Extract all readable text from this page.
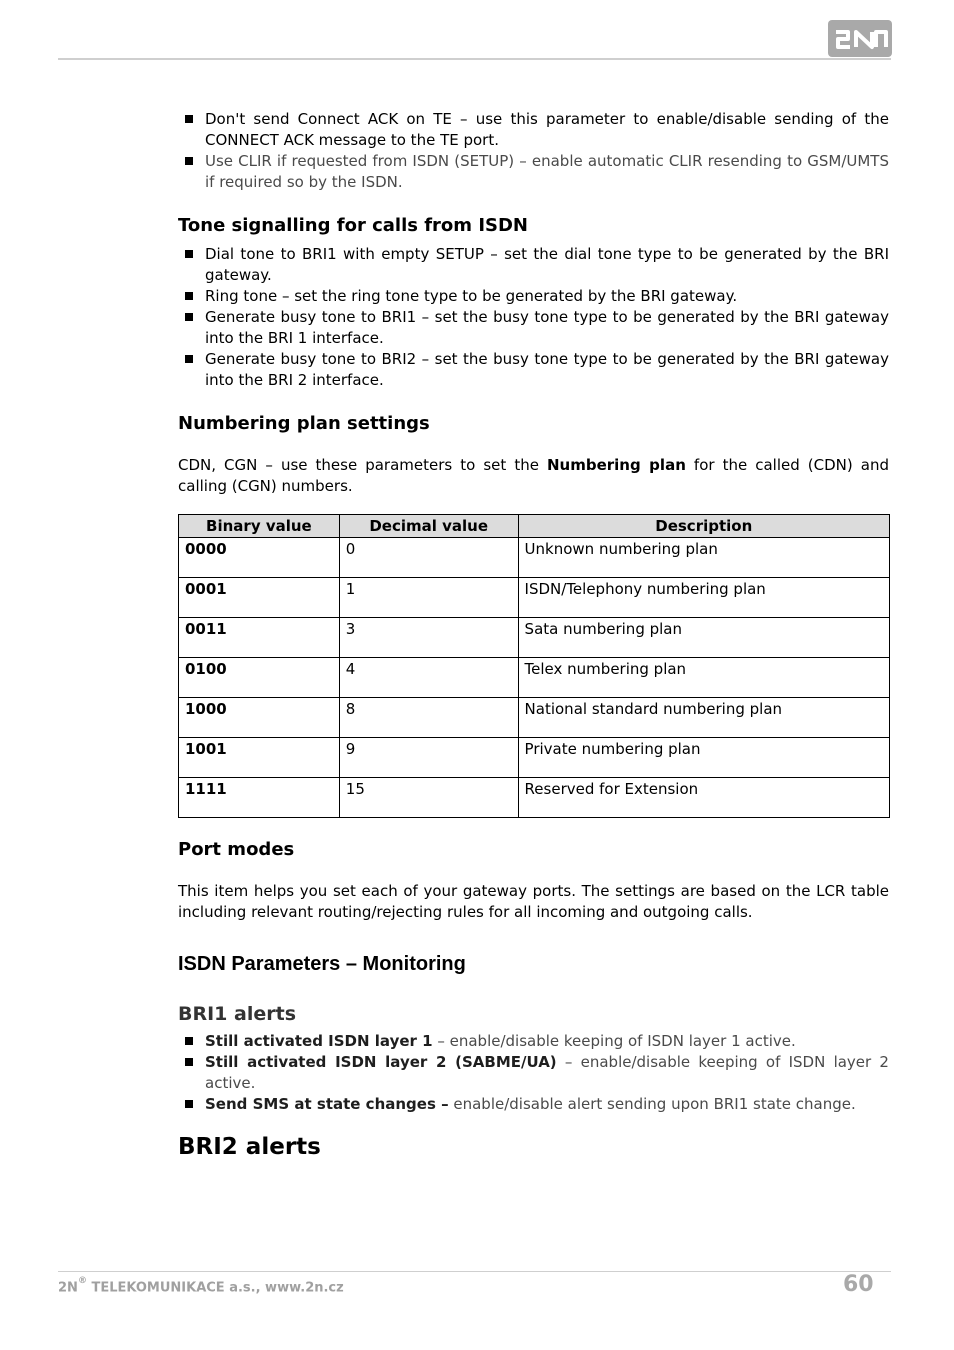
Don't send Connect ACK on TE – use this parameter to enable/disable sending of the CONNECT ACK message to the TE port.
Use CLIR if requested from ISDN (SETUP) – enable automatic CLIR resending to GSM/UMTS if required so by the ISDN.
Tone signalling for calls from ISDN
Dial tone to BRI1 with empty SETUP – set the dial tone type to be generated by the BRI gateway.
Ring tone – set the ring tone type to be generated by the BRI gateway.
Generate busy tone to BRI1 – set the busy tone type to be generated by the BRI gateway into the BRI 1 interface.
Generate busy tone to BRI2 – set the busy tone type to be generated by the BRI gateway into the BRI 2 interface.
Numbering plan settings

CDN, CGN – use these parameters to set the Numbering plan for the called (CDN) and calling (CGN) numbers.

Binary value	Decimal value	Description
0000	0	Unknown numbering plan
0001	1	ISDN/Telephony numbering plan
0011	3	Sata numbering plan
0100	4	Telex numbering plan
1000	8	National standard numbering plan
1001	9	Private numbering plan
1111	15	Reserved for Extension
Port modes

This item helps you set each of your gateway ports. The settings are based on the LCR table including relevant routing/rejecting rules for all incoming and outgoing calls.

ISDN Parameters – Monitoring
BRI1 alerts
Still activated ISDN layer 1 – enable/disable keeping of ISDN layer 1 active.
Still activated ISDN layer 2 (SABME/UA) – enable/disable keeping of ISDN layer 2 active.
Send SMS at state changes – enable/disable alert sending upon BRI1 state change.
BRI2 alerts
2N® TELEKOMUNIKACE a.s., www.2n.cz	60
